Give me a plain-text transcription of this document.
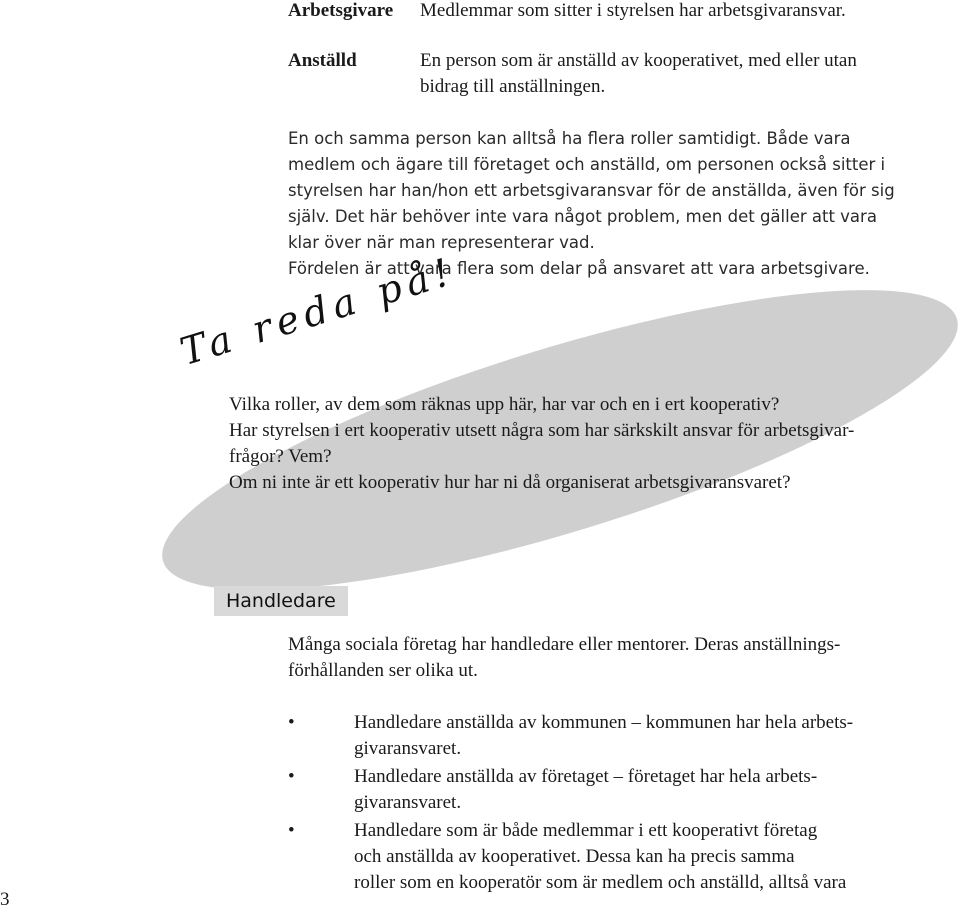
Arbetsgivare Medlemmar som sitter i styrelsen har arbetsgivaransvar.
Anställd	En person som är anställd av kooperativet, med eller utan
bidrag till anställningen.
En och samma person kan alltså ha flera roller samtidigt. Både vara
medlem och ägare till företaget och anställd, om personen också sitter i
styrelsen har han/hon ett arbetsgivaransvar för de anställda, även för sig
själv. Det här behöver inte vara något problem, men det gäller att vara
klar över när man representerar vad.
Fördelen är att vara flera som delar på ansvaret att vara arbetsgivare.
Ta reda på!
Vilka roller, av dem som räknas upp här, har var och en i ert kooperativ?
Har styrelsen i ert kooperativ utsett några som har särkskilt ansvar för arbetsgivar-
frågor? Vem?
Om ni inte är ett kooperativ hur har ni då organiserat arbetsgivaransvaret?
Handledare
Många sociala företag har handledare eller mentorer. Deras anställnings-
förhållanden ser olika ut.
•	Handledare anställda av kommunen – kommunen har hela arbets-
givaransvaret.
•	Handledare anställda av företaget – företaget har hela arbets-
givaransvaret.
•	Handledare som är både medlemmar i ett kooperativt företag
och anställda av kooperativet. Dessa kan ha precis samma
roller som en kooperatör som är medlem och anställd, alltså vara
3
